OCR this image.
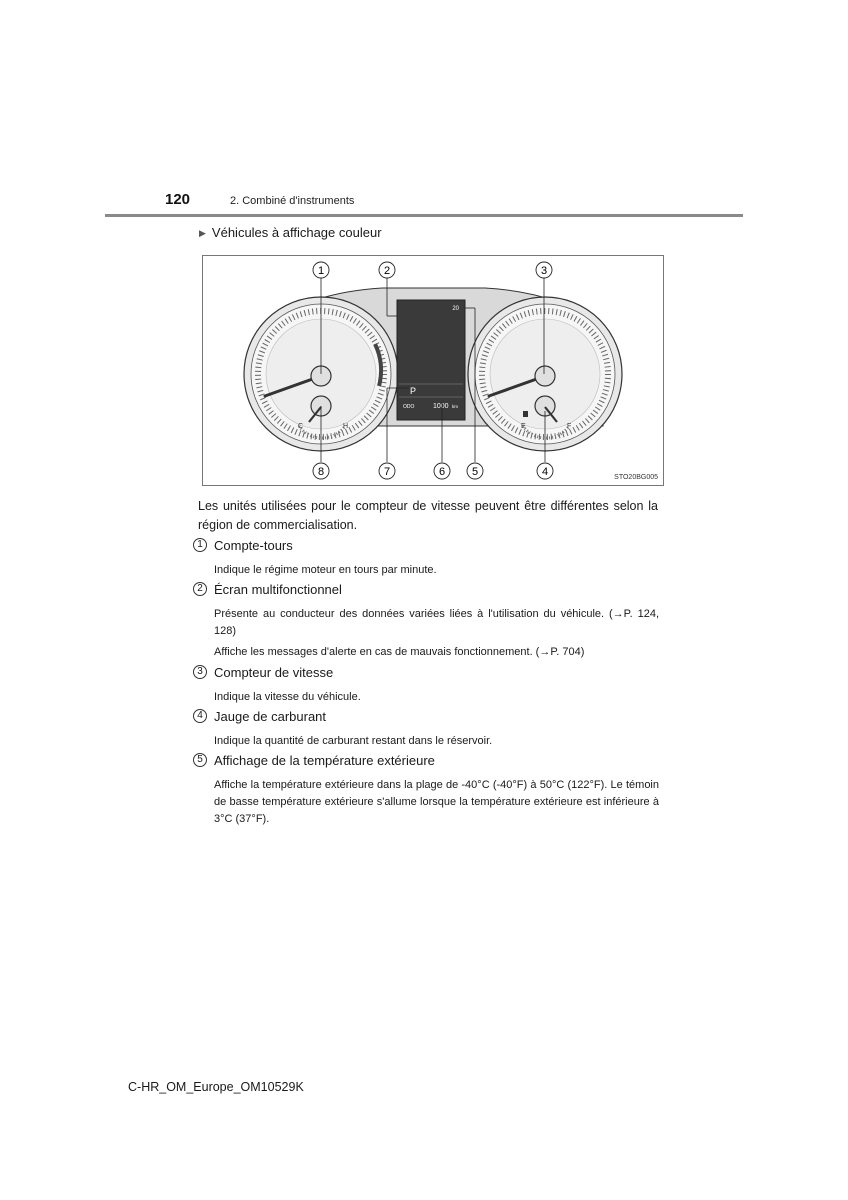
120	2. Combiné d'instruments
▶ Véhicules à affichage couleur
C	H	E	F
20
P
ODO	1000 km
1	2	3
8	7	6 5	4	STO20BG005
Les unités utilisées pour le compteur de vitesse peuvent être différentes selon la région de commercialisation.
1 Compte-tours

Indique le régime moteur en tours par minute.

2 Écran multifonctionnel

Présente au conducteur des données variées liées à l'utilisation du véhicule. (→P. 124, 128)

Affiche les messages d'alerte en cas de mauvais fonctionnement. (→P. 704)

3 Compteur de vitesse

Indique la vitesse du véhicule.

4 Jauge de carburant

Indique la quantité de carburant restant dans le réservoir.

5 Affichage de la température extérieure

Affiche la température extérieure dans la plage de -40°C (-40°F) à 50°C (122°F). Le témoin de basse température extérieure s'allume lorsque la température extérieure est inférieure à 3°C (37°F).

C-HR_OM_Europe_OM10529K
